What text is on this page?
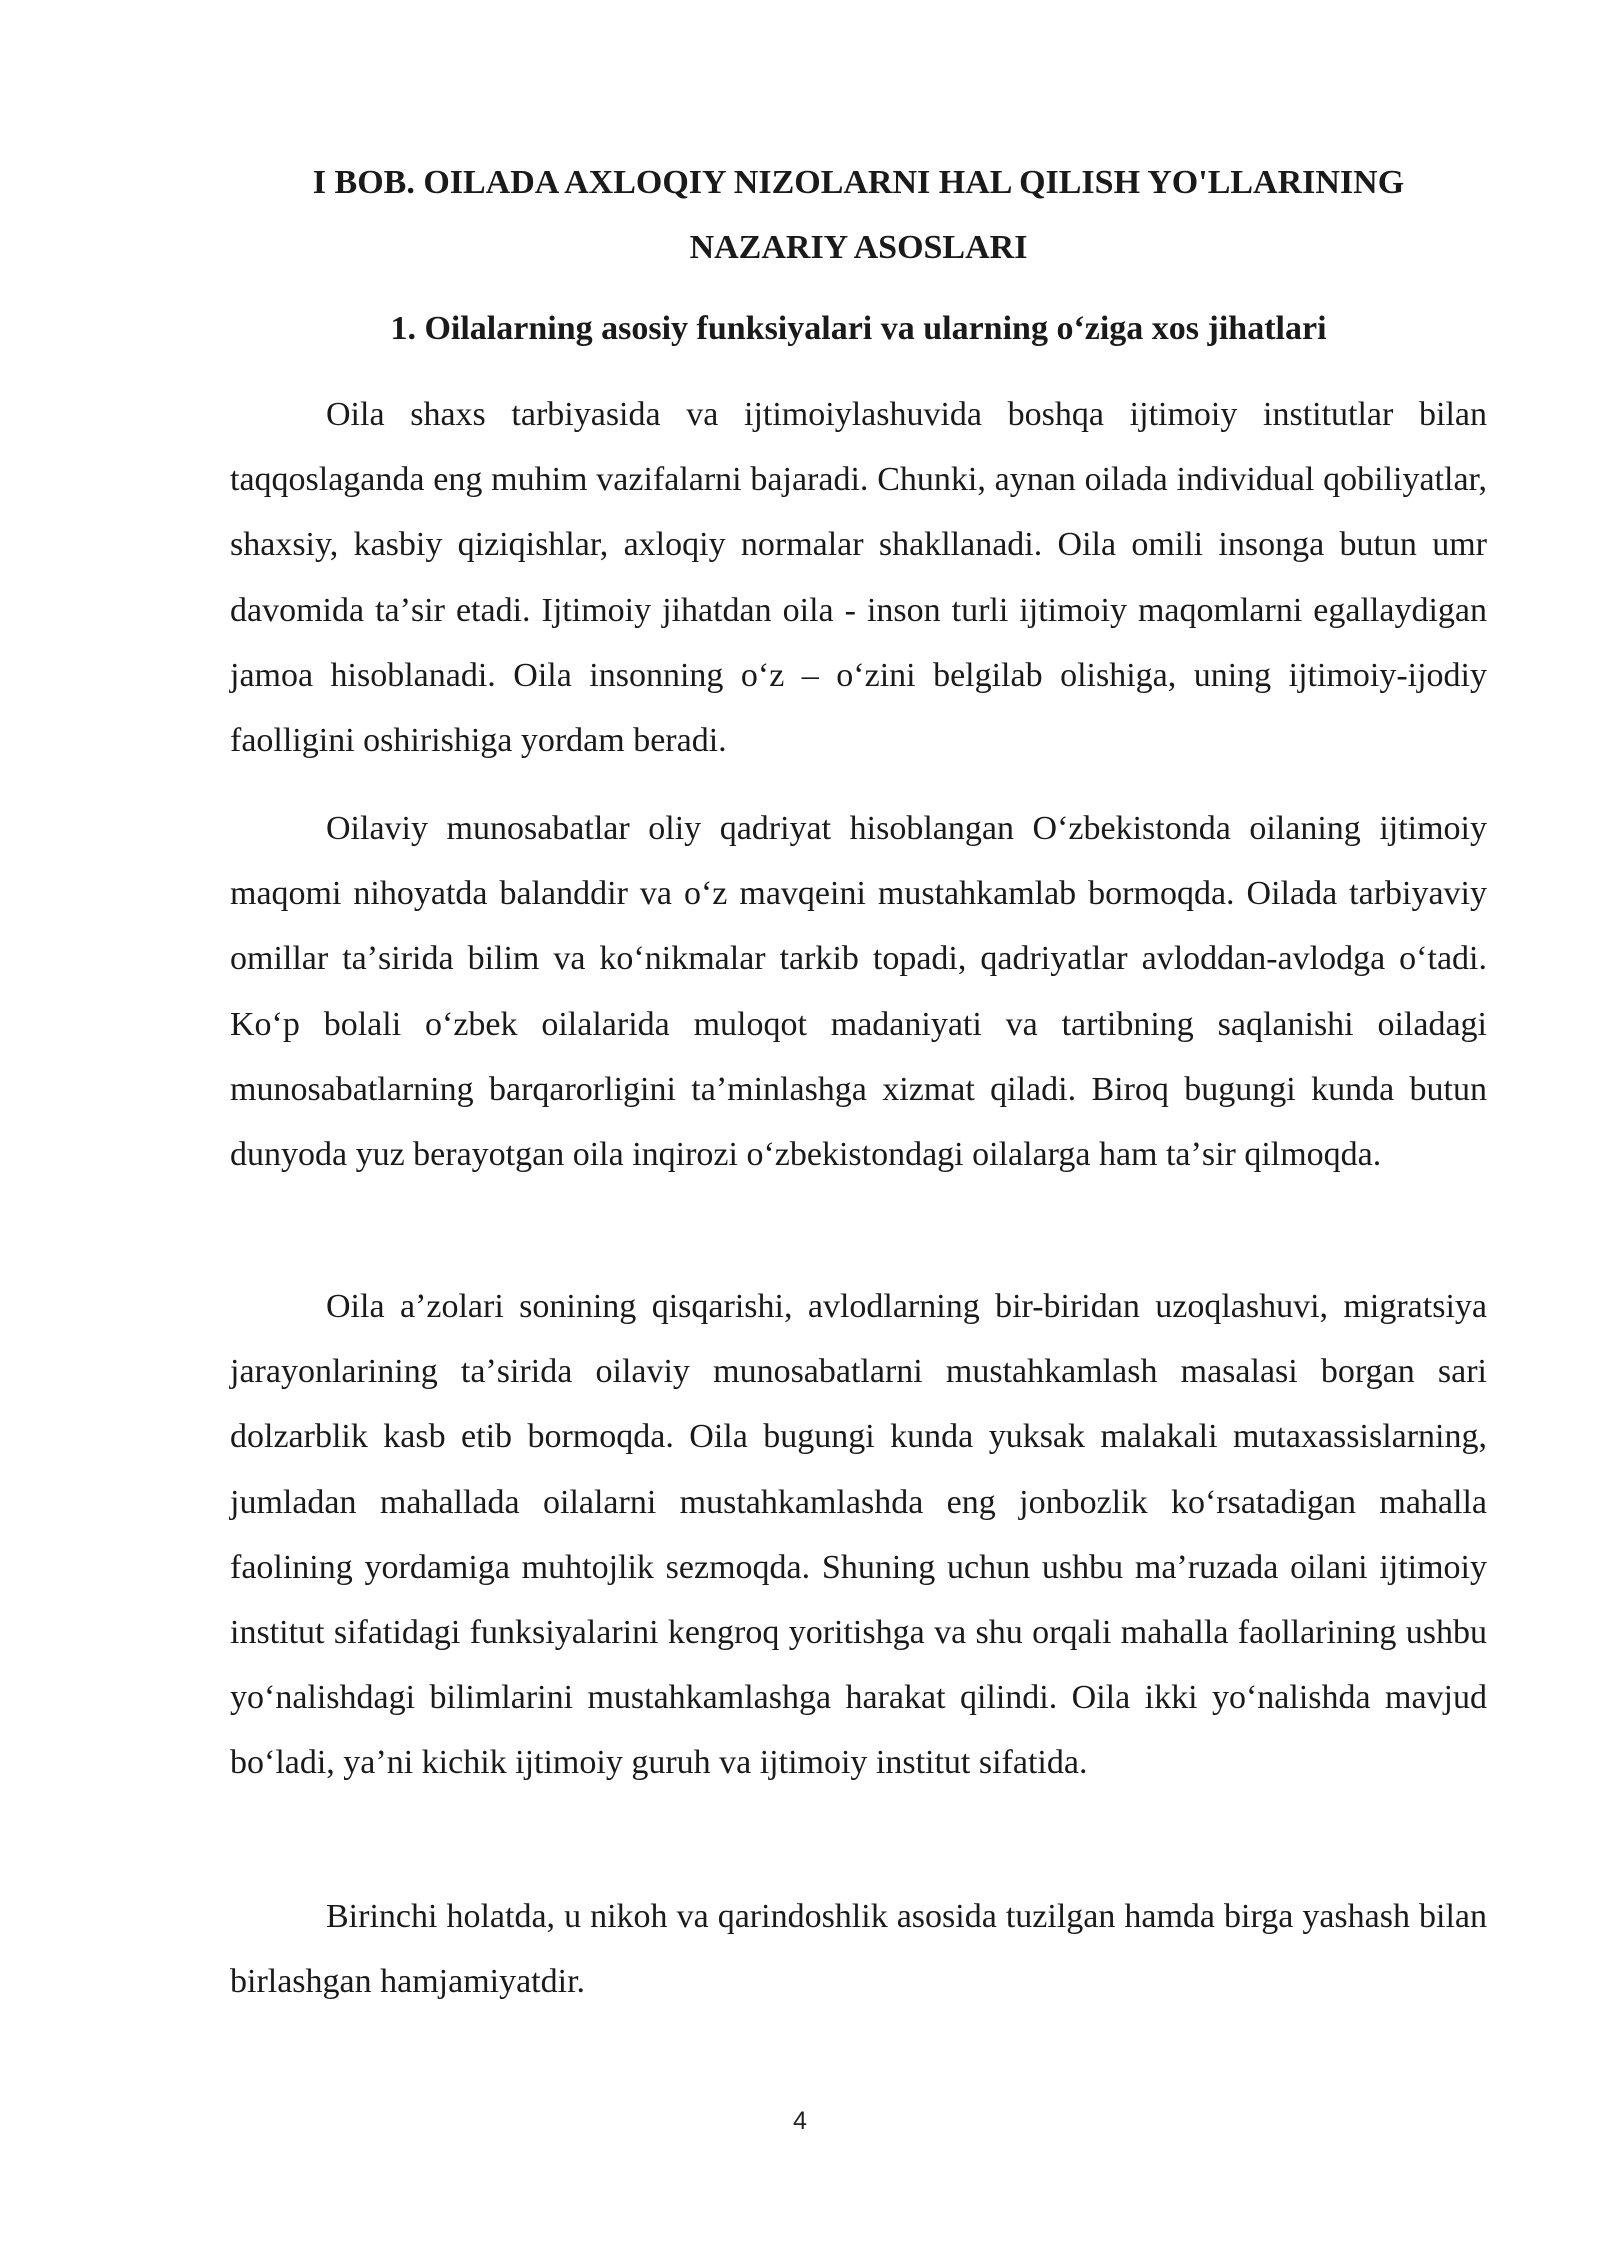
I BOB. OILADA AXLOQIY NIZOLARNI HAL QILISH YO'LLARINING NAZARIY ASOSLARI
1. Oilalarning asosiy funksiyalari va ularning oʻziga xos jihatlari

Oila shaxs tarbiyasida va ijtimoiylashuvida boshqa ijtimoiy institutlar bilan taqqoslaganda eng muhim vazifalarni bajaradi. Chunki, aynan oilada individual qobiliyatlar, shaxsiy, kasbiy qiziqishlar, axloqiy normalar shakllanadi. Oila omili insonga butun umr davomida taʼsir etadi. Ijtimoiy jihatdan oila - inson turli ijtimoiy maqomlarni egallaydigan jamoa hisoblanadi. Oila insonning oʻz – oʻzini belgilab olishiga, uning ijtimoiy-ijodiy faolligini oshirishiga yordam beradi.

Oilaviy munosabatlar oliy qadriyat hisoblangan Oʻzbekistonda oilaning ijtimoiy maqomi nihoyatda balanddir va oʻz mavqeini mustahkamlab bormoqda. Oilada tarbiyaviy omillar taʼsirida bilim va koʻnikmalar tarkib topadi, qadriyatlar avloddan-avlodga oʻtadi. Koʻp bolali oʻzbek oilalarida muloqot madaniyati va tartibning saqlanishi oiladagi munosabatlarning barqarorligini taʼminlashga xizmat qiladi. Biroq bugungi kunda butun dunyoda yuz berayotgan oila inqirozi oʻzbekistondagi oilalarga ham taʼsir qilmoqda.

Oila aʼzolari sonining qisqarishi, avlodlarning bir-biridan uzoqlashuvi, migratsiya jarayonlarining taʼsirida oilaviy munosabatlarni mustahkamlash masalasi borgan sari dolzarblik kasb etib bormoqda. Oila bugungi kunda yuksak malakali mutaxassislarning, jumladan mahallada oilalarni mustahkamlashda eng jonbozlik koʻrsatadigan mahalla faolining yordamiga muhtojlik sezmoqda. Shuning uchun ushbu maʼruzada oilani ijtimoiy institut sifatidagi funksiyalarini kengroq yoritishga va shu orqali mahalla faollarining ushbu yoʻnalishdagi bilimlarini mustahkamlashga harakat qilindi. Oila ikki yoʻnalishda mavjud boʻladi, yaʼni kichik ijtimoiy guruh va ijtimoiy institut sifatida.

Birinchi holatda, u nikoh va qarindoshlik asosida tuzilgan hamda birga yashash bilan birlashgan hamjamiyatdir.

4
